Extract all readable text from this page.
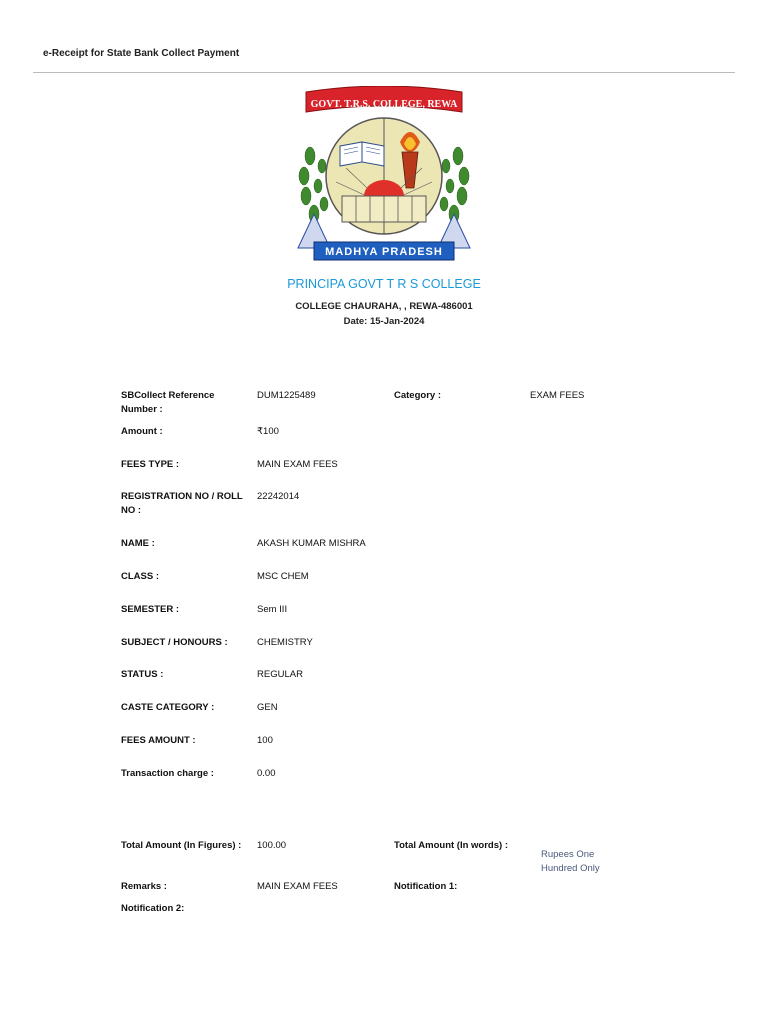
e-Receipt for State Bank Collect Payment
GOVT. T.R.S. COLLEGE, REWA
MADHYA PRADESH
PRINCIPA GOVT T R S COLLEGE
COLLEGE CHAURAHA, , REWA-486001
Date: 15-Jan-2024
SBCollect Reference Number :
DUM1225489	Category :	EXAM FEES
Amount :	₹100
FEES TYPE :	MAIN EXAM FEES
REGISTRATION NO / ROLL NO :
22242014
NAME :	AKASH KUMAR MISHRA
CLASS :	MSC CHEM
SEMESTER :	Sem III
SUBJECT / HONOURS :	CHEMISTRY
STATUS :	REGULAR
CASTE CATEGORY :	GEN
FEES AMOUNT :	100
Transaction charge :	0.00
Total Amount (In Figures) : 100.00	Total Amount (In words) :
Rupees One Hundred Only
Remarks :	MAIN EXAM FEES	Notification 1:
Notification 2:
